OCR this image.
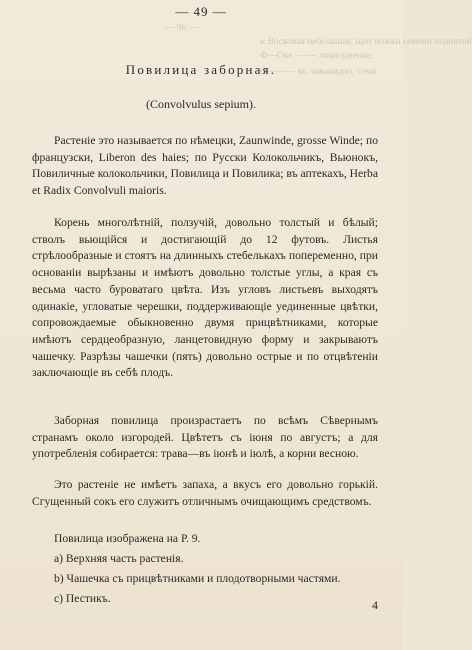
— 49 —
— 96 —
и Восковая небольшая, щит ножки семени поднятой
Ф—Оке, —— ливнорнение,
О——— въ ливовидно, семя
Повилица заборная.
(Convolvulus sepium).

Растеніе это называется по нѣмецки, Zaunwinde, grosse Winde; по французски, Liberon des haies; по Русски Колокольчикъ, Вьюнокъ, Повиличные колокольчики, Повилица и Повилика; въ аптекахъ, Herba et Radix Convolvuli maioris.

Корень многолѣтній, ползучій, довольно толстый и бѣлый; стволъ вьющійся и достигающій до 12 футовъ. Листья стрѣлообразные и стоятъ на длинныхъ стебелькахъ попеременно, при основаніи вырѣзаны и имѣютъ довольно толстые углы, а края съ весьма часто буроватаго цвѣта. Изъ угловъ листьевъ выходятъ одинакіе, угловатые черешки, поддерживающіе уединенные цвѣтки, сопровождаемые обыкновенно двумя прицвѣтниками, которые имѣютъ сердцеобразную, ланцетовидную форму и закрываютъ чашечку. Разрѣзы чашечки (пять) довольно острые и по отцвѣтеніи заключающіе въ себѣ плодъ.

Заборная повилица произрастаетъ по всѣмъ Сѣвернымъ странамъ около изгородей. Цвѣтетъ съ іюня по августъ; а для употребленія собирается: трава—въ іюнѣ и іюлѣ, а корни весною.

Это растеніе не имѣетъ запаха, а вкусъ его довольно горькій. Сгущенный сокъ его служитъ отличнымъ очищающимъ средствомъ.

Повилица изображена на Р. 9.
a) Верхняя часть растенія.
b) Чашечка съ прицвѣтниками и плодотворными частями.
c) Пестикъ.	4
